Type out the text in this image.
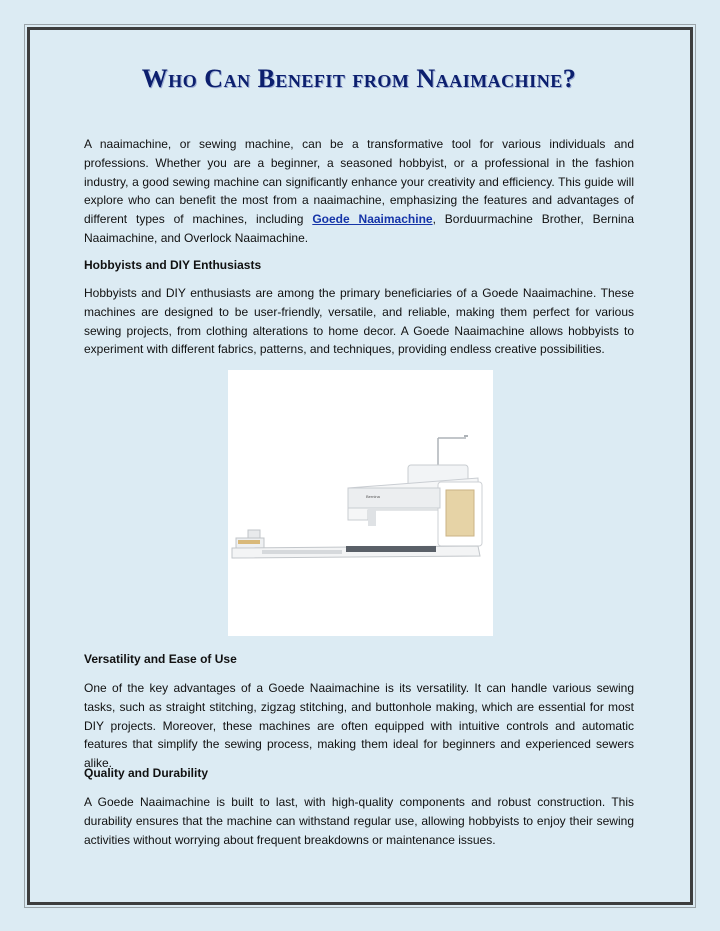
Who Can Benefit from Naaimachine?

A naaimachine, or sewing machine, can be a transformative tool for various individuals and professions. Whether you are a beginner, a seasoned hobbyist, or a professional in the fashion industry, a good sewing machine can significantly enhance your creativity and efficiency. This guide will explore who can benefit the most from a naaimachine, emphasizing the features and advantages of different types of machines, including Goede Naaimachine, Borduurmachine Brother, Bernina Naaimachine, and Overlock Naaimachine.

Hobbyists and DIY Enthusiasts

Hobbyists and DIY enthusiasts are among the primary beneficiaries of a Goede Naaimachine. These machines are designed to be user-friendly, versatile, and reliable, making them perfect for various sewing projects, from clothing alterations to home decor. A Goede Naaimachine allows hobbyists to experiment with different fabrics, patterns, and techniques, providing endless creative possibilities.

Bernina
Versatility and Ease of Use

One of the key advantages of a Goede Naaimachine is its versatility. It can handle various sewing tasks, such as straight stitching, zigzag stitching, and buttonhole making, which are essential for most DIY projects. Moreover, these machines are often equipped with intuitive controls and automatic features that simplify the sewing process, making them ideal for beginners and experienced sewers alike.

Quality and Durability

A Goede Naaimachine is built to last, with high-quality components and robust construction. This durability ensures that the machine can withstand regular use, allowing hobbyists to enjoy their sewing activities without worrying about frequent breakdowns or maintenance issues.
